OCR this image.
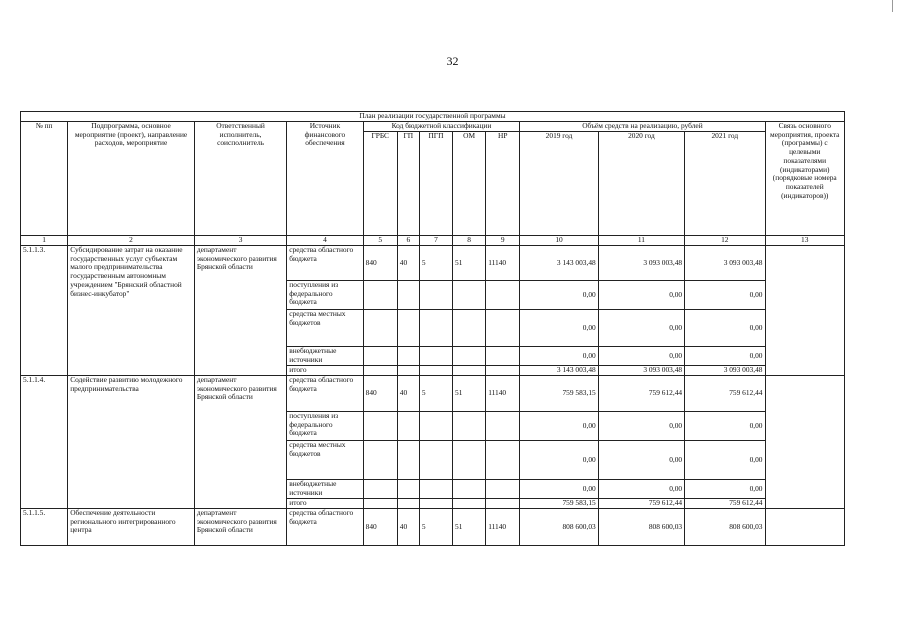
32
План реализации государственной программы												
№ пп	Подпрограмма, основное мероприятие (проект), направление расходов, мероприятие	Ответственный исполнитель, соисполнитель	Источник финансового обеспечения	Код бюджетной классификации					Объём средств на реализацию, рублей			Связь основного мероприятия, проекта (программы) с целевыми показателями (индикаторами) (порядковые номера показателей (индикаторов))
				ГРБС	ГП	ПГП	ОМ	НР	2019 год	2020 год	2021 год	
1	2	3	4	5	6	7	8	9	10	11	12	13
5.1.1.3.	Субсидирование затрат на оказание государственных услуг субъектам малого предпринимательства государственным автономным учреждением "Брянский областной бизнес-инкубатор"	департамент экономического развития Брянской области	средства областного бюджета	840	40	5	51	11140	3 143 003,48	3 093 003,48	3 093 003,48	
			поступления из федерального бюджета						0,00	0,00	0,00	
			средства местных бюджетов						0,00	0,00	0,00	
			внебюджетные источники						0,00	0,00	0,00	
			итого						3 143 003,48	3 093 003,48	3 093 003,48	
5.1.1.4.	Содействие развитию молодежного предпринимательства	департамент экономического развития Брянской области	средства областного бюджета	840	40	5	51	11140	759 583,15	759 612,44	759 612,44	
			поступления из федерального бюджета						0,00	0,00	0,00	
			средства местных бюджетов						0,00	0,00	0,00	
			внебюджетные источники						0,00	0,00	0,00	
			итого						759 583,15	759 612,44	759 612,44	
5.1.1.5.	Обеспечение деятельности регионального интегрированного центра	департамент экономического развития Брянской области	средства областного бюджета	840	40	5	51	11140	808 600,03	808 600,03	808 600,03	
